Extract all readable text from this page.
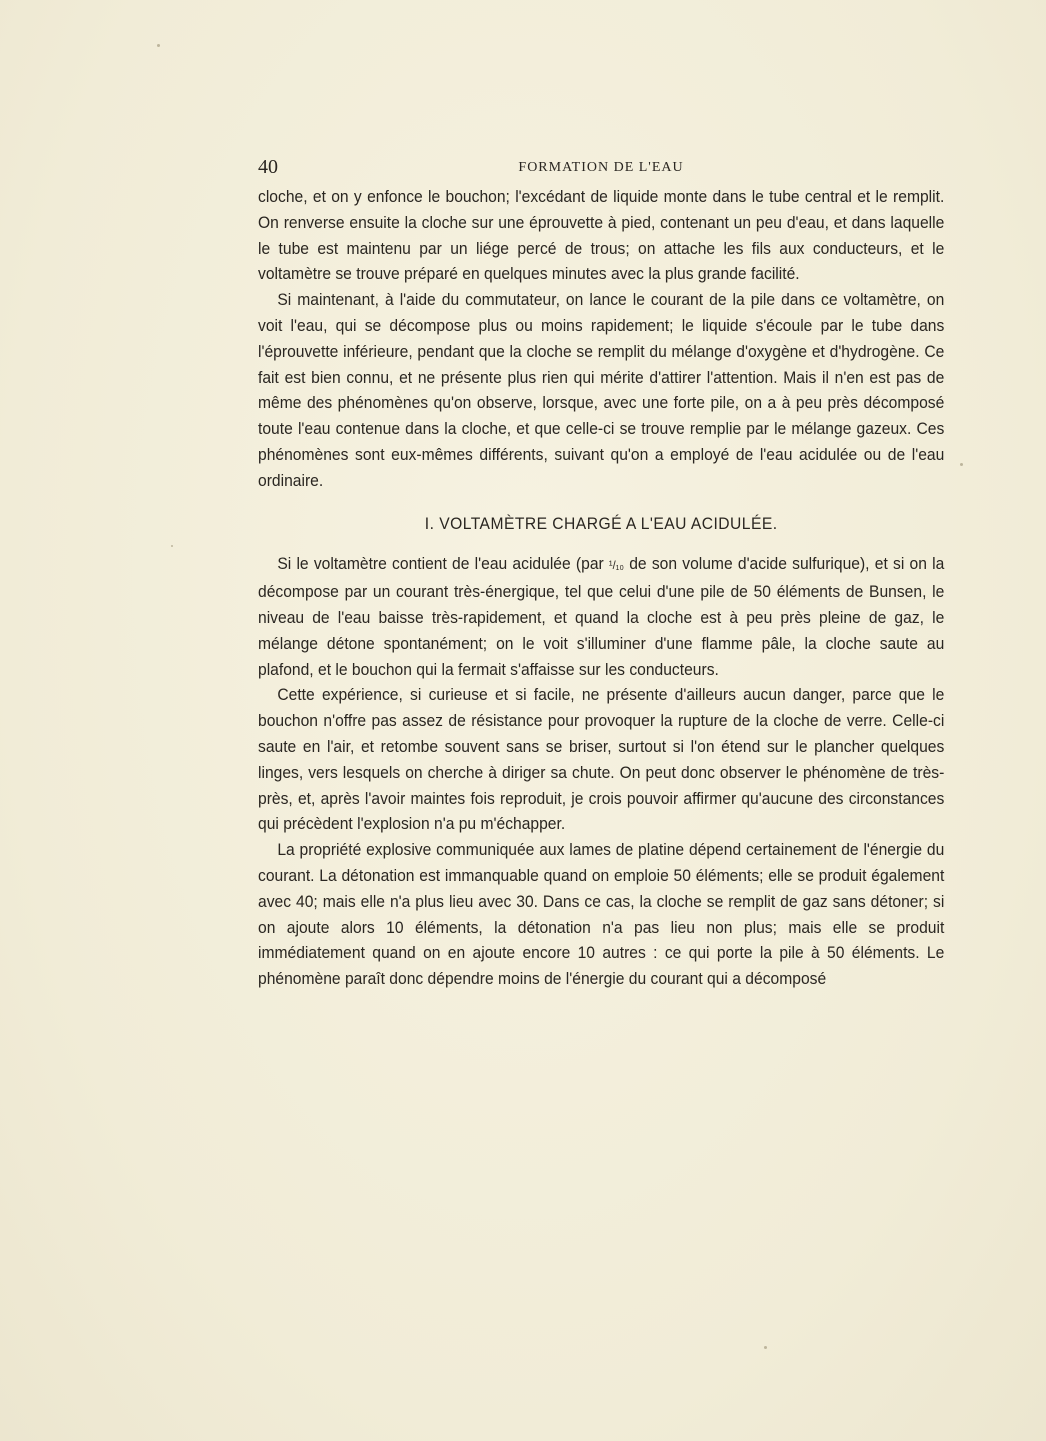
40	FORMATION DE L'EAU

cloche, et on y enfonce le bouchon; l'excédant de liquide monte dans le tube central et le remplit. On renverse ensuite la cloche sur une éprouvette à pied, contenant un peu d'eau, et dans laquelle le tube est maintenu par un liége percé de trous; on attache les fils aux conducteurs, et le voltamètre se trouve préparé en quelques minutes avec la plus grande facilité.

Si maintenant, à l'aide du commutateur, on lance le courant de la pile dans ce voltamètre, on voit l'eau, qui se décompose plus ou moins rapidement; le liquide s'écoule par le tube dans l'éprouvette inférieure, pendant que la cloche se remplit du mélange d'oxygène et d'hydrogène. Ce fait est bien connu, et ne présente plus rien qui mérite d'attirer l'attention. Mais il n'en est pas de même des phénomènes qu'on observe, lorsque, avec une forte pile, on a à peu près décomposé toute l'eau contenue dans la cloche, et que celle-ci se trouve remplie par le mélange gazeux. Ces phénomènes sont eux-mêmes différents, suivant qu'on a employé de l'eau acidulée ou de l'eau ordinaire.

I. VOLTAMÈTRE CHARGÉ A L'EAU ACIDULÉE.

Si le voltamètre contient de l'eau acidulée (par ¹/₁₀ de son volume d'acide sulfurique), et si on la décompose par un courant très-énergique, tel que celui d'une pile de 50 éléments de Bunsen, le niveau de l'eau baisse très-rapidement, et quand la cloche est à peu près pleine de gaz, le mélange détone spontanément; on le voit s'illuminer d'une flamme pâle, la cloche saute au plafond, et le bouchon qui la fermait s'affaisse sur les conducteurs.

Cette expérience, si curieuse et si facile, ne présente d'ailleurs aucun danger, parce que le bouchon n'offre pas assez de résistance pour provoquer la rupture de la cloche de verre. Celle-ci saute en l'air, et retombe souvent sans se briser, surtout si l'on étend sur le plancher quelques linges, vers lesquels on cherche à diriger sa chute. On peut donc observer le phénomène de très-près, et, après l'avoir maintes fois reproduit, je crois pouvoir affirmer qu'aucune des circonstances qui précèdent l'explosion n'a pu m'échapper.

La propriété explosive communiquée aux lames de platine dépend certainement de l'énergie du courant. La détonation est immanquable quand on emploie 50 éléments; elle se produit également avec 40; mais elle n'a plus lieu avec 30. Dans ce cas, la cloche se remplit de gaz sans détoner; si on ajoute alors 10 éléments, la détonation n'a pas lieu non plus; mais elle se produit immédiatement quand on en ajoute encore 10 autres : ce qui porte la pile à 50 éléments. Le phénomène paraît donc dépendre moins de l'énergie du courant qui a décomposé
